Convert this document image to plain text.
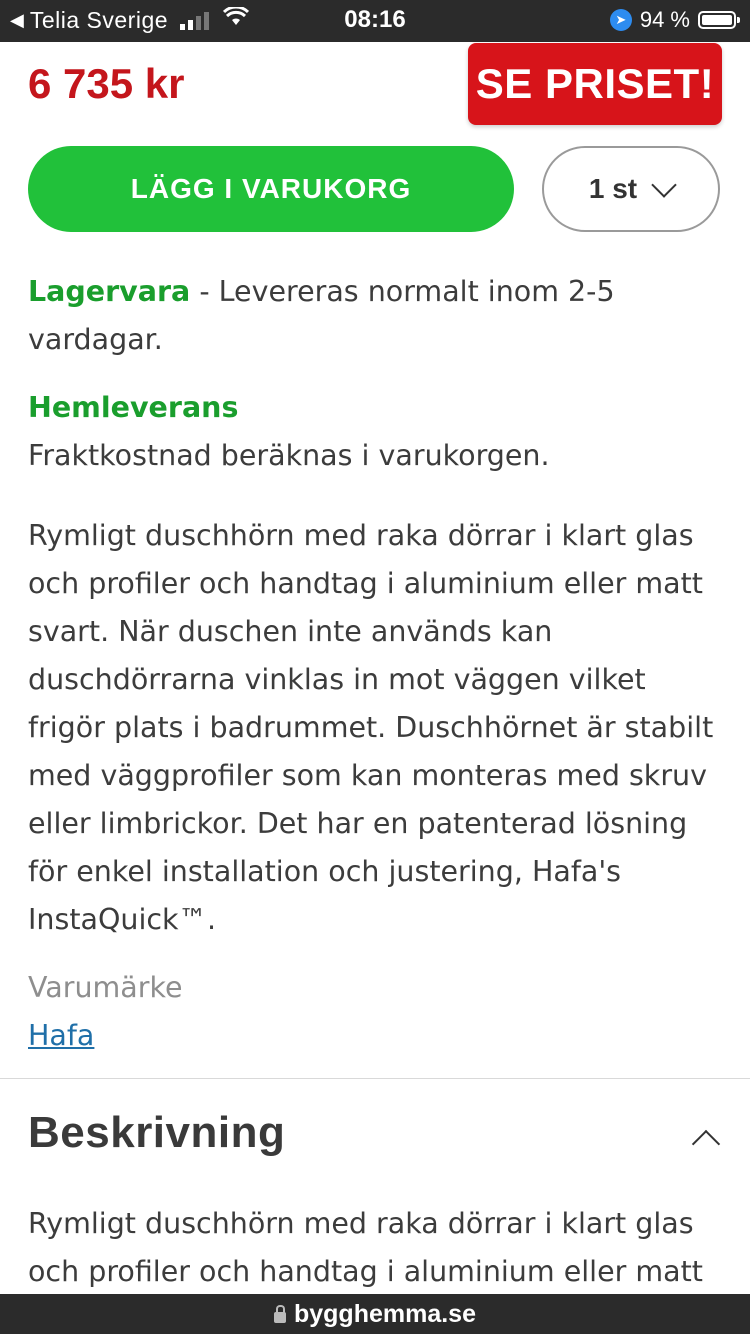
◀ Telia Sverige	08:16	➤ 94 %
6 735 kr	SE PRISET!
LÄGG I VARUKORG	1 st
Lagervara - Levereras normalt inom 2-5 vardagar.
Hemleverans
Fraktkostnad beräknas i varukorgen.
Rymligt duschhörn med raka dörrar i klart glas och profiler och handtag i aluminium eller matt svart. När duschen inte används kan duschdörrarna vinklas in mot väggen vilket frigör plats i badrummet. Duschhörnet är stabilt med väggprofiler som kan monteras med skruv eller limbrickor. Det har en patenterad lösning för enkel installation och justering, Hafa's InstaQuick™.
Varumärke
Hafa
Beskrivning
Rymligt duschhörn med raka dörrar i klart glas och profiler och handtag i aluminium eller matt
bygghemma.se
